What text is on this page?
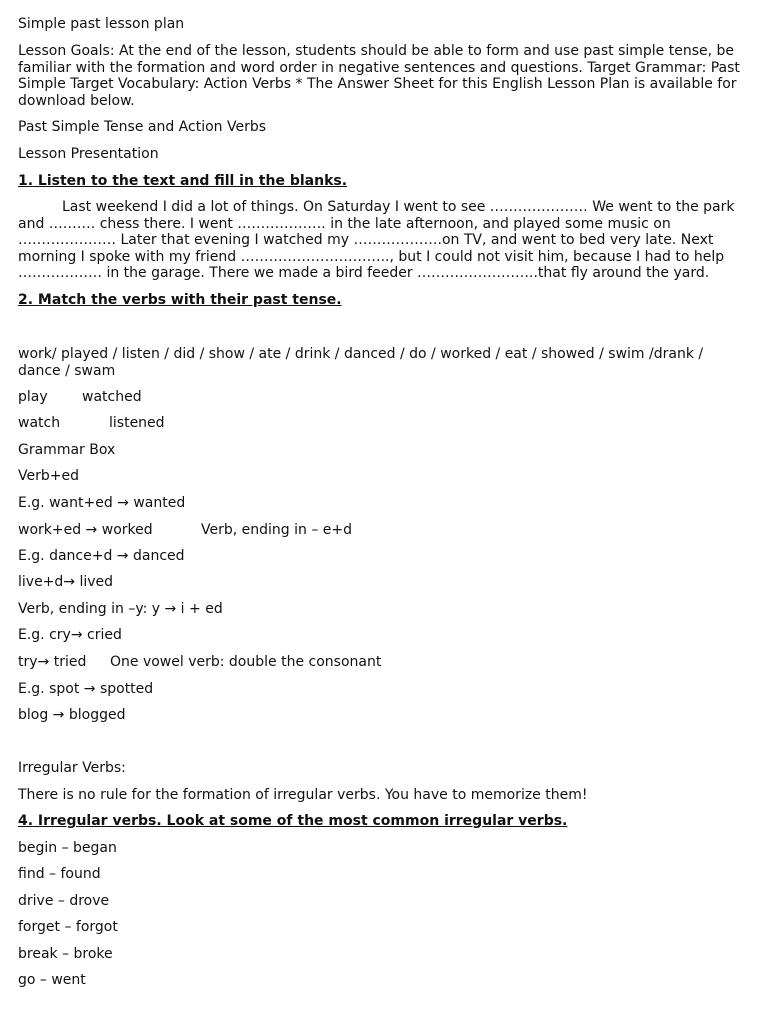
Simple past lesson plan
Lesson Goals: At the end of the lesson, students should be able to form and use past simple tense, be familiar with the formation and word order in negative sentences and questions. Target Grammar: Past Simple Target Vocabulary: Action Verbs * The Answer Sheet for this English Lesson Plan is available for download below.
Past Simple Tense and Action Verbs
Lesson Presentation
1. Listen to the text and fill in the blanks.
Last weekend I did a lot of things. On Saturday I went to see ………………… We went to the park and ………. chess there. I went ………………. in the late afternoon, and played some music on ………………… Later that evening I watched my ……………….on TV, and went to bed very late. Next morning I spoke with my friend ………………………….., but I could not visit him, because I had to help ……………… in the garage. There we made a bird feeder ……………………..that fly around the yard.
2. Match the verbs with their past tense.
work/ played / listen / did / show / ate / drink / danced / do / worked / eat / showed / swim /drank / dance / swam
play watched
watch	listened
Grammar Box
Verb+ed
E.g. want+ed → wanted
work+ed → worked	Verb, ending in – e+d
E.g. dance+d → danced
live+d→ lived
Verb, ending in –y: y → i + ed
E.g. cry→ cried
try→ tried One vowel verb: double the consonant
E.g. spot → spotted
blog → blogged
Irregular Verbs:
There is no rule for the formation of irregular verbs. You have to memorize them!
4. Irregular verbs. Look at some of the most common irregular verbs.
begin – began
find – found
drive – drove
forget – forgot
break – broke
go – went
